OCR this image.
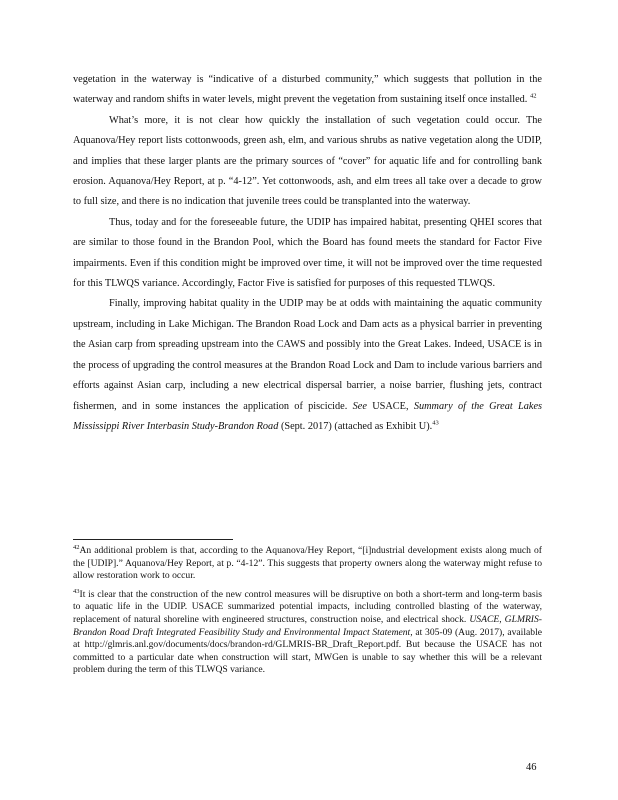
vegetation in the waterway is “indicative of a disturbed community,” which suggests that pollution in the waterway and random shifts in water levels, might prevent the vegetation from sustaining itself once installed. $^{42}$

What’s more, it is not clear how quickly the installation of such vegetation could occur. The Aquanova/Hey report lists cottonwoods, green ash, elm, and various shrubs as native vegetation along the UDIP, and implies that these larger plants are the primary sources of “cover” for aquatic life and for controlling bank erosion. Aquanova/Hey Report, at p. “4-12”. Yet cottonwoods, ash, and elm trees all take over a decade to grow to full size, and there is no indication that juvenile trees could be transplanted into the waterway.

Thus, today and for the foreseeable future, the UDIP has impaired habitat, presenting QHEI scores that are similar to those found in the Brandon Pool, which the Board has found meets the standard for Factor Five impairments. Even if this condition might be improved over time, it will not be improved over the time requested for this TLWQS variance. Accordingly, Factor Five is satisfied for purposes of this requested TLWQS.

Finally, improving habitat quality in the UDIP may be at odds with maintaining the aquatic community upstream, including in Lake Michigan. The Brandon Road Lock and Dam acts as a physical barrier in preventing the Asian carp from spreading upstream into the CAWS and possibly into the Great Lakes. Indeed, USACE is in the process of upgrading the control measures at the Brandon Road Lock and Dam to include various barriers and efforts against Asian carp, including a new electrical dispersal barrier, a noise barrier, flushing jets, contract fishermen, and in some instances the application of piscicide. See USACE, Summary of the Great Lakes Mississippi River Interbasin Study-Brandon Road (Sept. 2017) (attached as Exhibit U).$^{43}$

$^{42}$An additional problem is that, according to the Aquanova/Hey Report, “[i]ndustrial development exists along much of the [UDIP].” Aquanova/Hey Report, at p. “4-12”. This suggests that property owners along the waterway might refuse to allow restoration work to occur.

$^{43}$It is clear that the construction of the new control measures will be disruptive on both a short-term and long-term basis to aquatic life in the UDIP. USACE summarized potential impacts, including controlled blasting of the waterway, replacement of natural shoreline with engineered structures, construction noise, and electrical shock. USACE, GLMRIS-Brandon Road Draft Integrated Feasibility Study and Environmental Impact Statement, at 305-09 (Aug. 2017), available at http://glmris.anl.gov/documents/docs/brandon-rd/GLMRIS-BR_Draft_Report.pdf. But because the USACE has not committed to a particular date when construction will start, MWGen is unable to say whether this will be a relevant problem during the term of this TLWQS variance.

46
